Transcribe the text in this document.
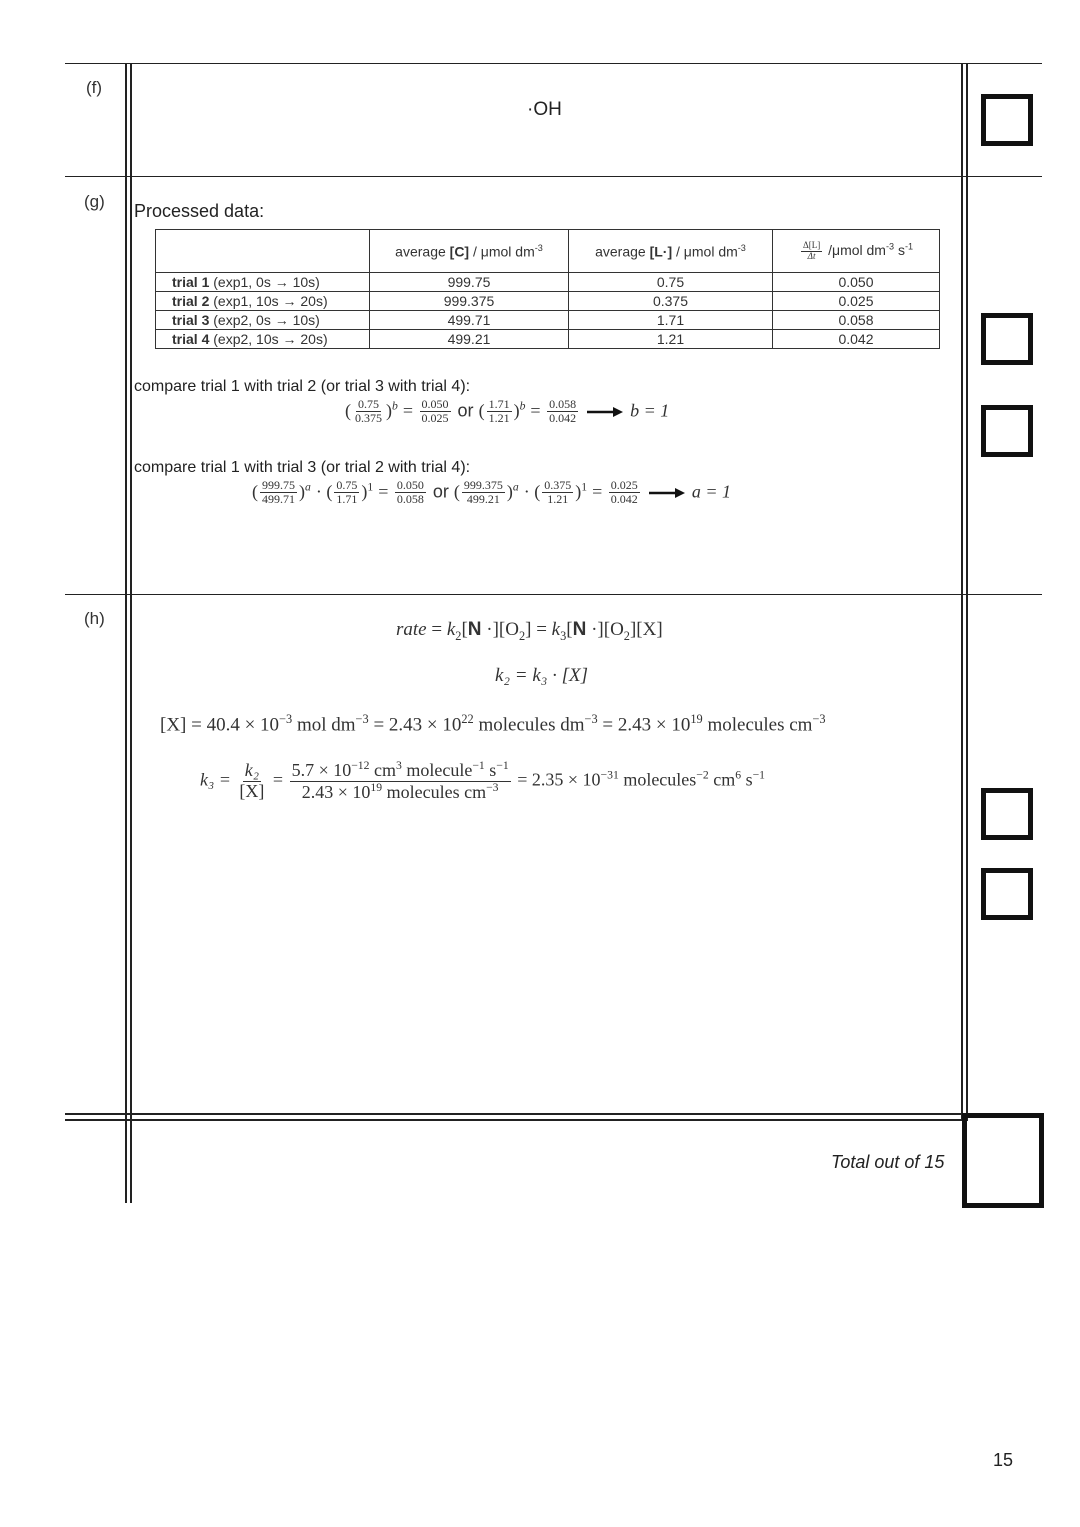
(f)
(g)
(h)
·OH
Processed data:
	average [C] / μmol $dm^{-3}$	average [L·] / μmol $dm^{-3}$	$\frac{\Delta[L]}{\Delta t} /\mu mol$ $dm^{-3}$ $s^{-1}$
trial 1 (exp1, 0s → 10s)	999.75	0.75	0.050
trial 2 (exp1, 10s → 20s)	999.375	0.375	0.025
trial 3 (exp2, 0s → 10s)	499.71	1.71	0.058
trial 4 (exp2, 10s → 20s)	499.21	1.21	0.042
compare trial 1 with trial 2 (or trial 3 with trial 4):
( $\frac{0.75}{0.375} )^b = \frac{0.050}{0.025}$ or ( $\frac{1.71}{1.21} )^b = \frac{0.058}{0.042}$	b = 1
compare trial 1 with trial 3 (or trial 2 with trial 4):
( $\frac{999.75}{499.71} )^a$ · ( $\frac{0.75}{1.71} )^1 = \frac{0.050}{0.058}$ or ( $\frac{999.375}{499.21} )^a$ · ( $\frac{0.375}{1.21} )^1 = \frac{0.025}{0.042}$	a = 1
rate = $k_2[N \cdot][O_2] = k_3[N \cdot][O_2][X]$
k₂ = k₃ · [X]
$[X] = 40.4 \times 10^{-3}$ mol $dm^{-3} = 2.43 \times 10^{22}$ molecules $dm^{-3} = 2.43 \times 10^{19}$ molecules $cm^{-3}$
$k_3 = \frac{\text{k₂}}{[X]} = \frac{5.7 \times 10^{-12} cm^3 molecule^{-1} s^{-1}}{2.43 \times 10^{19} molecules cm^{-3}} = 2.35 \times 10^{-31}$ molecules$^{-2}$ $cm^6$ $s^{-1}$
Total out of 15
15
